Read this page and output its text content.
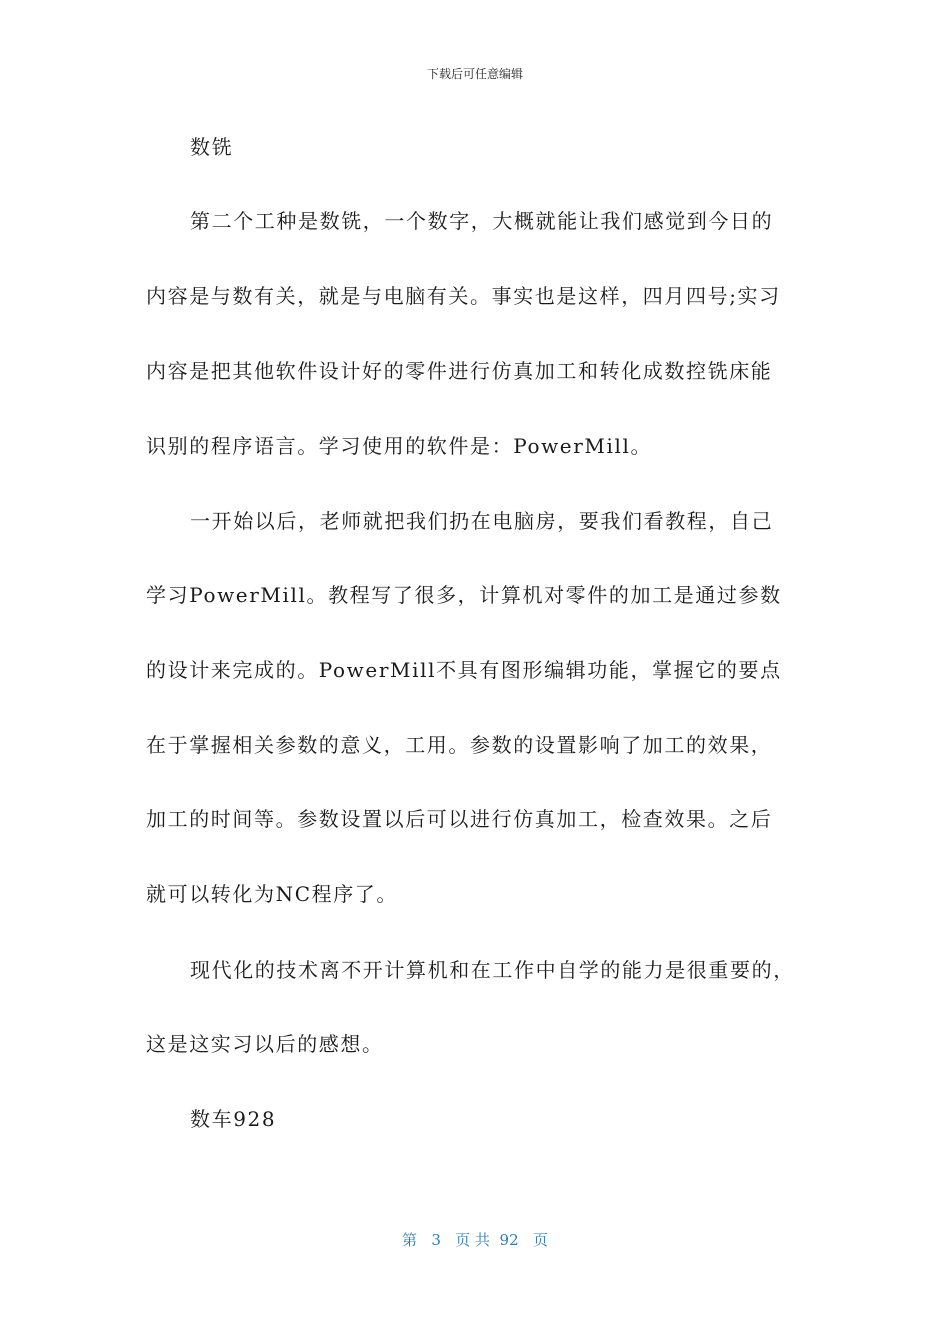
下载后可任意编辑
数铣
第二个工种是数铣，一个数字，大概就能让我们感觉到今日的
内容是与数有关，就是与电脑有关。事实也是这样，四月四号;实习
内容是把其他软件设计好的零件进行仿真加工和转化成数控铣床能
识别的程序语言。学习使用的软件是：PowerMill。
一开始以后，老师就把我们扔在电脑房，要我们看教程，自己
学习PowerMill。教程写了很多，计算机对零件的加工是通过参数
的设计来完成的。PowerMill不具有图形编辑功能，掌握它的要点
在于掌握相关参数的意义，工用。参数的设置影响了加工的效果，
加工的时间等。参数设置以后可以进行仿真加工，检查效果。之后
就可以转化为NC程序了。
现代化的技术离不开计算机和在工作中自学的能力是很重要的，
这是这实习以后的感想。
数车928
第 3 页 共 92 页
